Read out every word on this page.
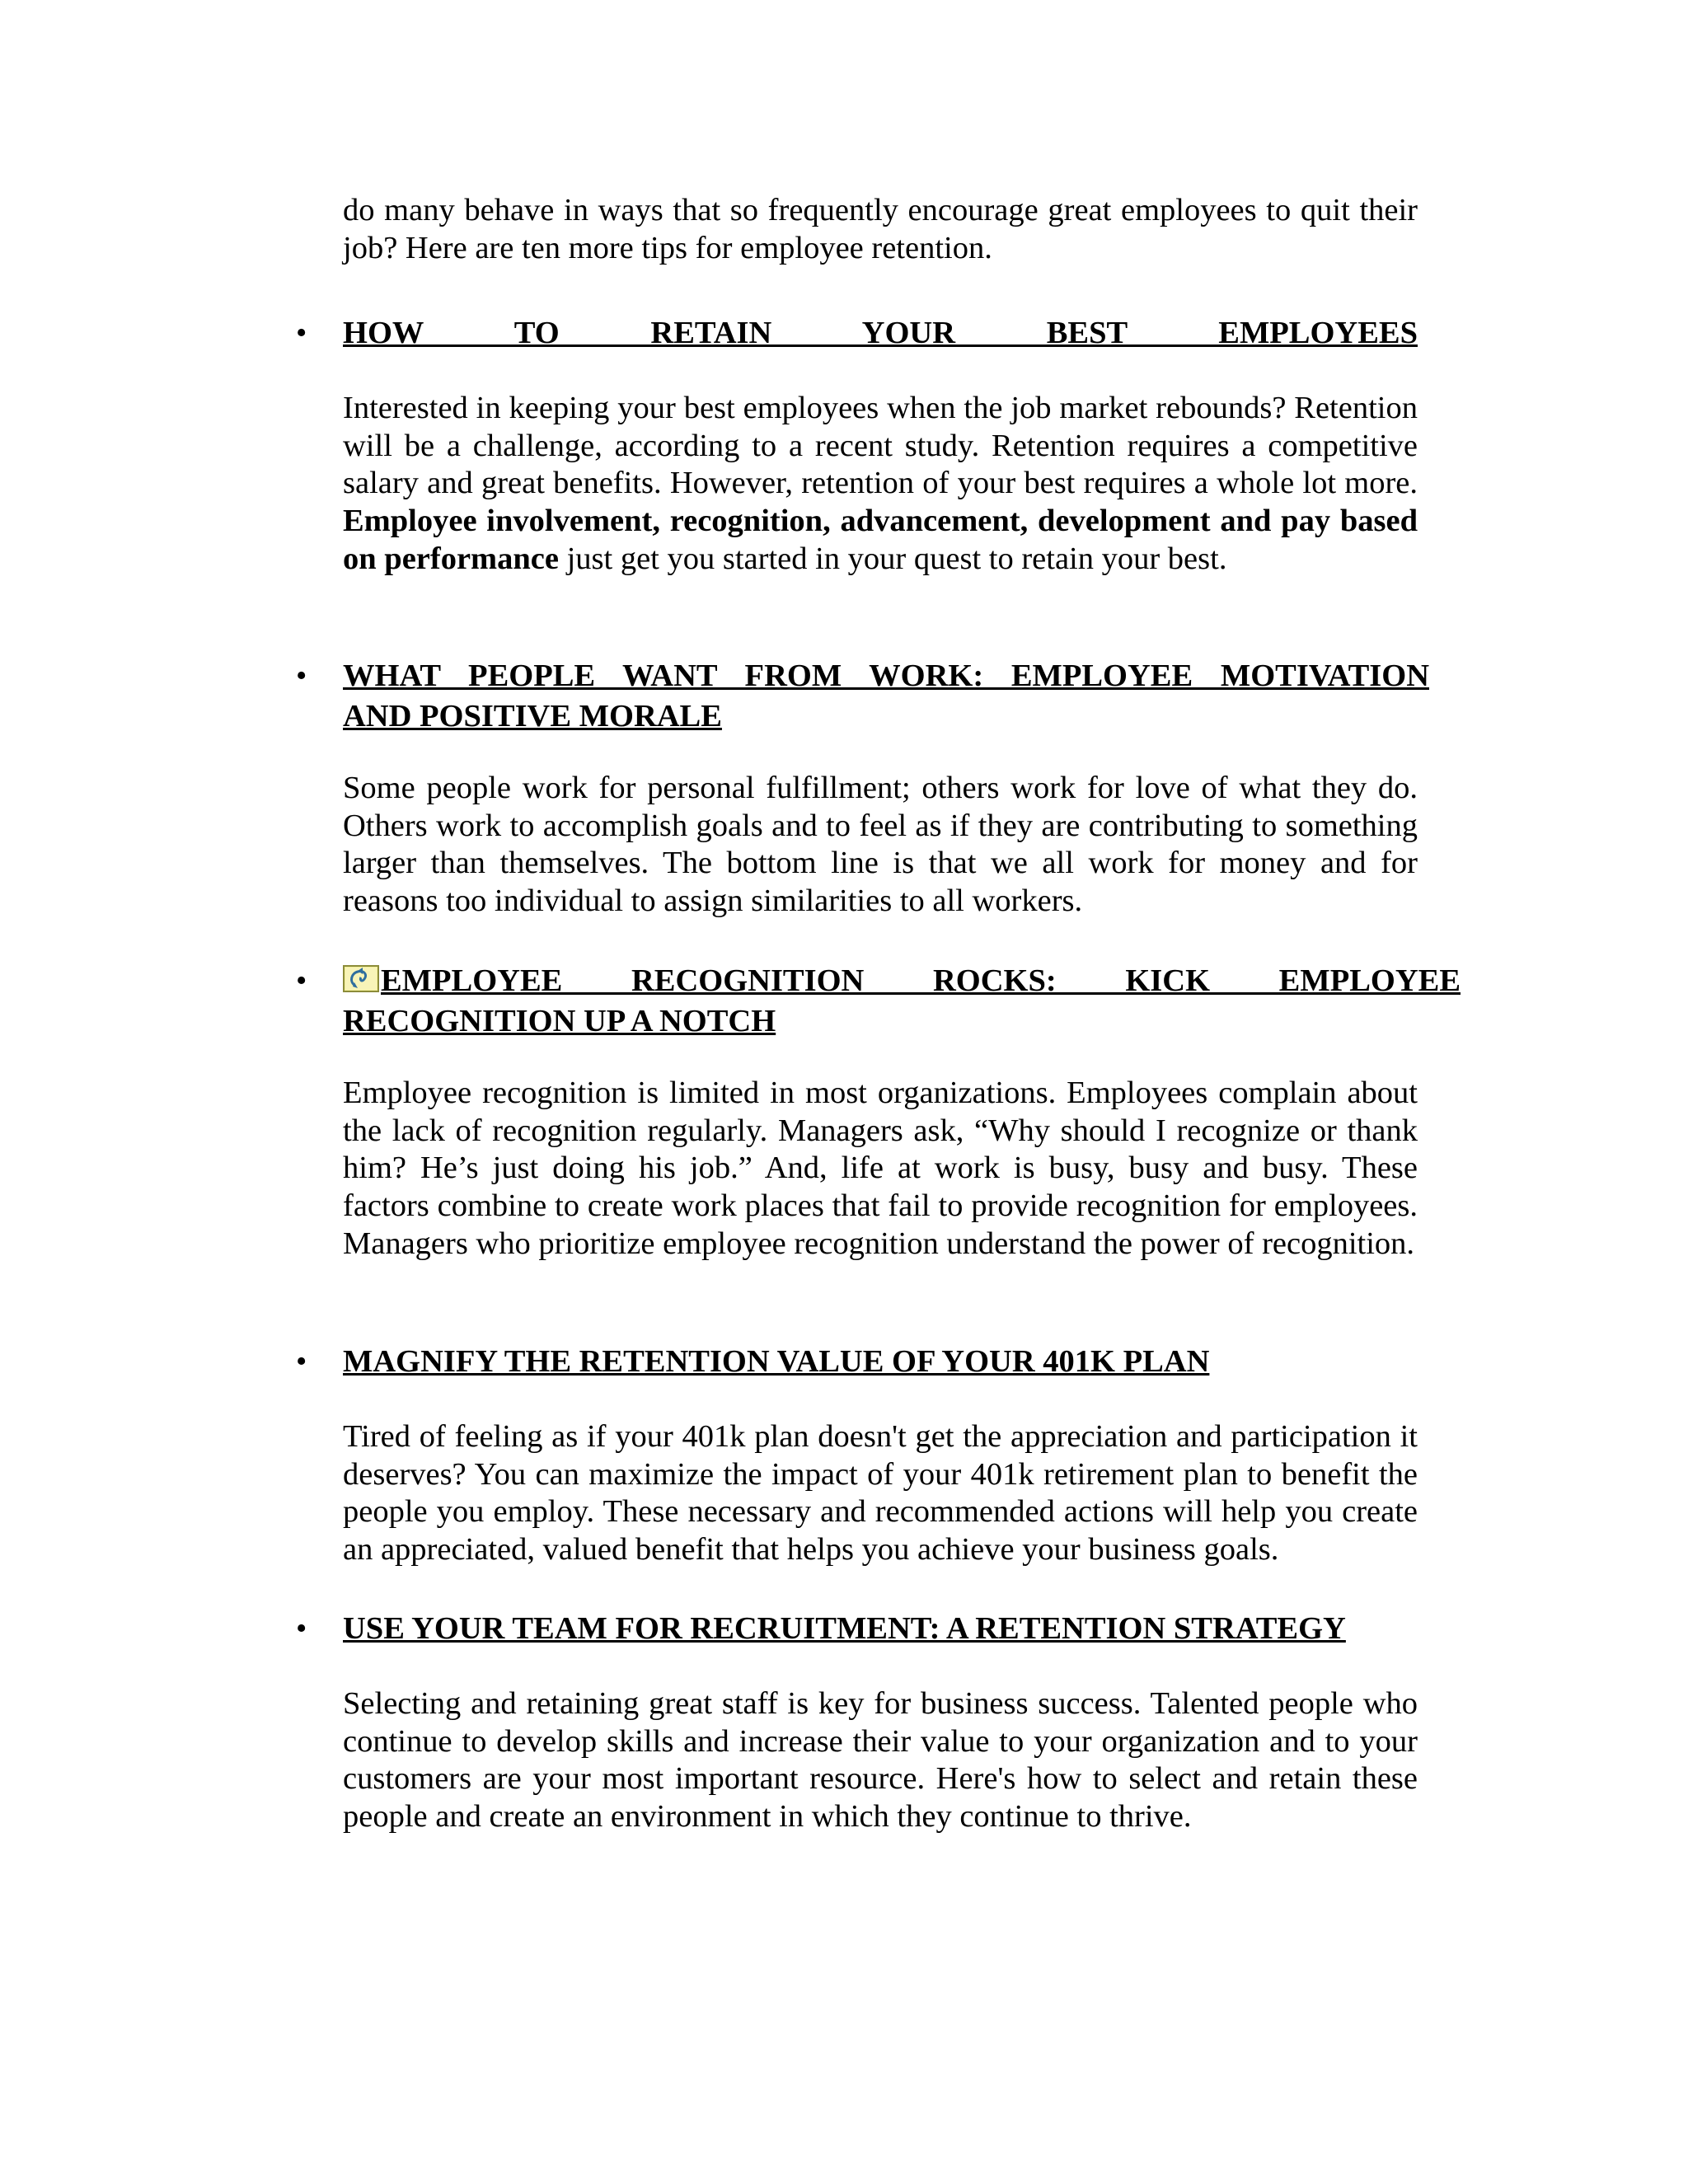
do many behave in ways that so frequently encourage great employees to quit their job? Here are ten more tips for employee retention.

• HOW TO RETAIN YOUR BEST EMPLOYEES

Interested in keeping your best employees when the job market rebounds? Retention will be a challenge, according to a recent study. Retention requires a competitive salary and great benefits. However, retention of your best requires a whole lot more. Employee involvement, recognition, advancement, development and pay based on performance just get you started in your quest to retain your best.

• WHAT PEOPLE WANT FROM WORK: EMPLOYEE MOTIVATION
AND POSITIVE MORALE

Some people work for personal fulfillment; others work for love of what they do. Others work to accomplish goals and to feel as if they are contributing to something larger than themselves. The bottom line is that we all work for money and for reasons too individual to assign similarities to all workers.

•	EMPLOYEE RECOGNITION ROCKS: KICK EMPLOYEE
RECOGNITION UP A NOTCH

Employee recognition is limited in most organizations. Employees complain about the lack of recognition regularly. Managers ask, “Why should I recognize or thank him? He’s just doing his job.” And, life at work is busy, busy and busy. These factors combine to create work places that fail to provide recognition for employees. Managers who prioritize employee recognition understand the power of recognition.

• MAGNIFY THE RETENTION VALUE OF YOUR 401K PLAN

Tired of feeling as if your 401k plan doesn't get the appreciation and participation it deserves? You can maximize the impact of your 401k retirement plan to benefit the people you employ. These necessary and recommended actions will help you create an appreciated, valued benefit that helps you achieve your business goals.

• USE YOUR TEAM FOR RECRUITMENT: A RETENTION STRATEGY

Selecting and retaining great staff is key for business success. Talented people who continue to develop skills and increase their value to your organization and to your customers are your most important resource. Here's how to select and retain these people and create an environment in which they continue to thrive.
